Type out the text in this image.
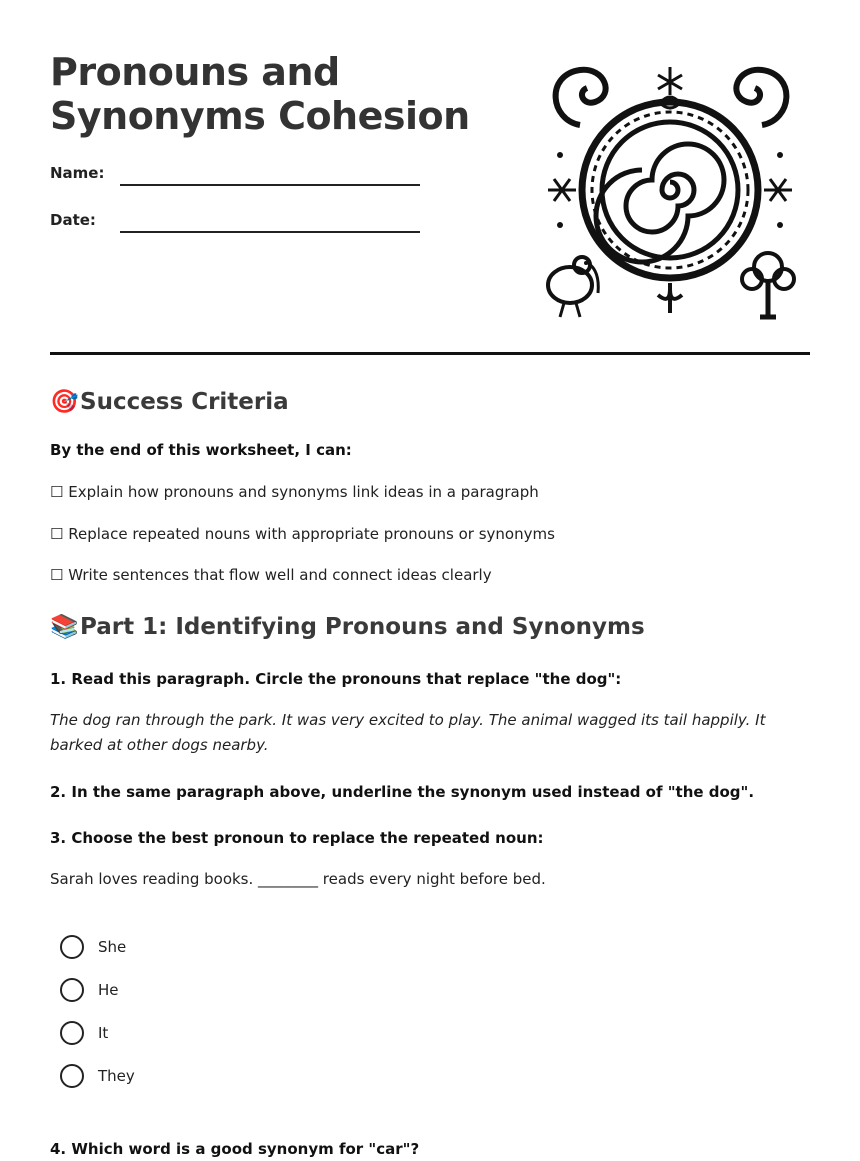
Pronouns and Synonyms Cohesion
Name:
Date:
🎯Success Criteria

By the end of this worksheet, I can:

☐ Explain how pronouns and synonyms link ideas in a paragraph

☐ Replace repeated nouns with appropriate pronouns or synonyms

☐ Write sentences that flow well and connect ideas clearly

📚Part 1: Identifying Pronouns and Synonyms

1. Read this paragraph. Circle the pronouns that replace "the dog":

The dog ran through the park. It was very excited to play. The animal wagged its tail happily. It barked at other dogs nearby.

2. In the same paragraph above, underline the synonym used instead of "the dog".

3. Choose the best pronoun to replace the repeated noun:

Sarah loves reading books. ________ reads every night before bed.

She
He
It
They

4. Which word is a good synonym for "car"?
